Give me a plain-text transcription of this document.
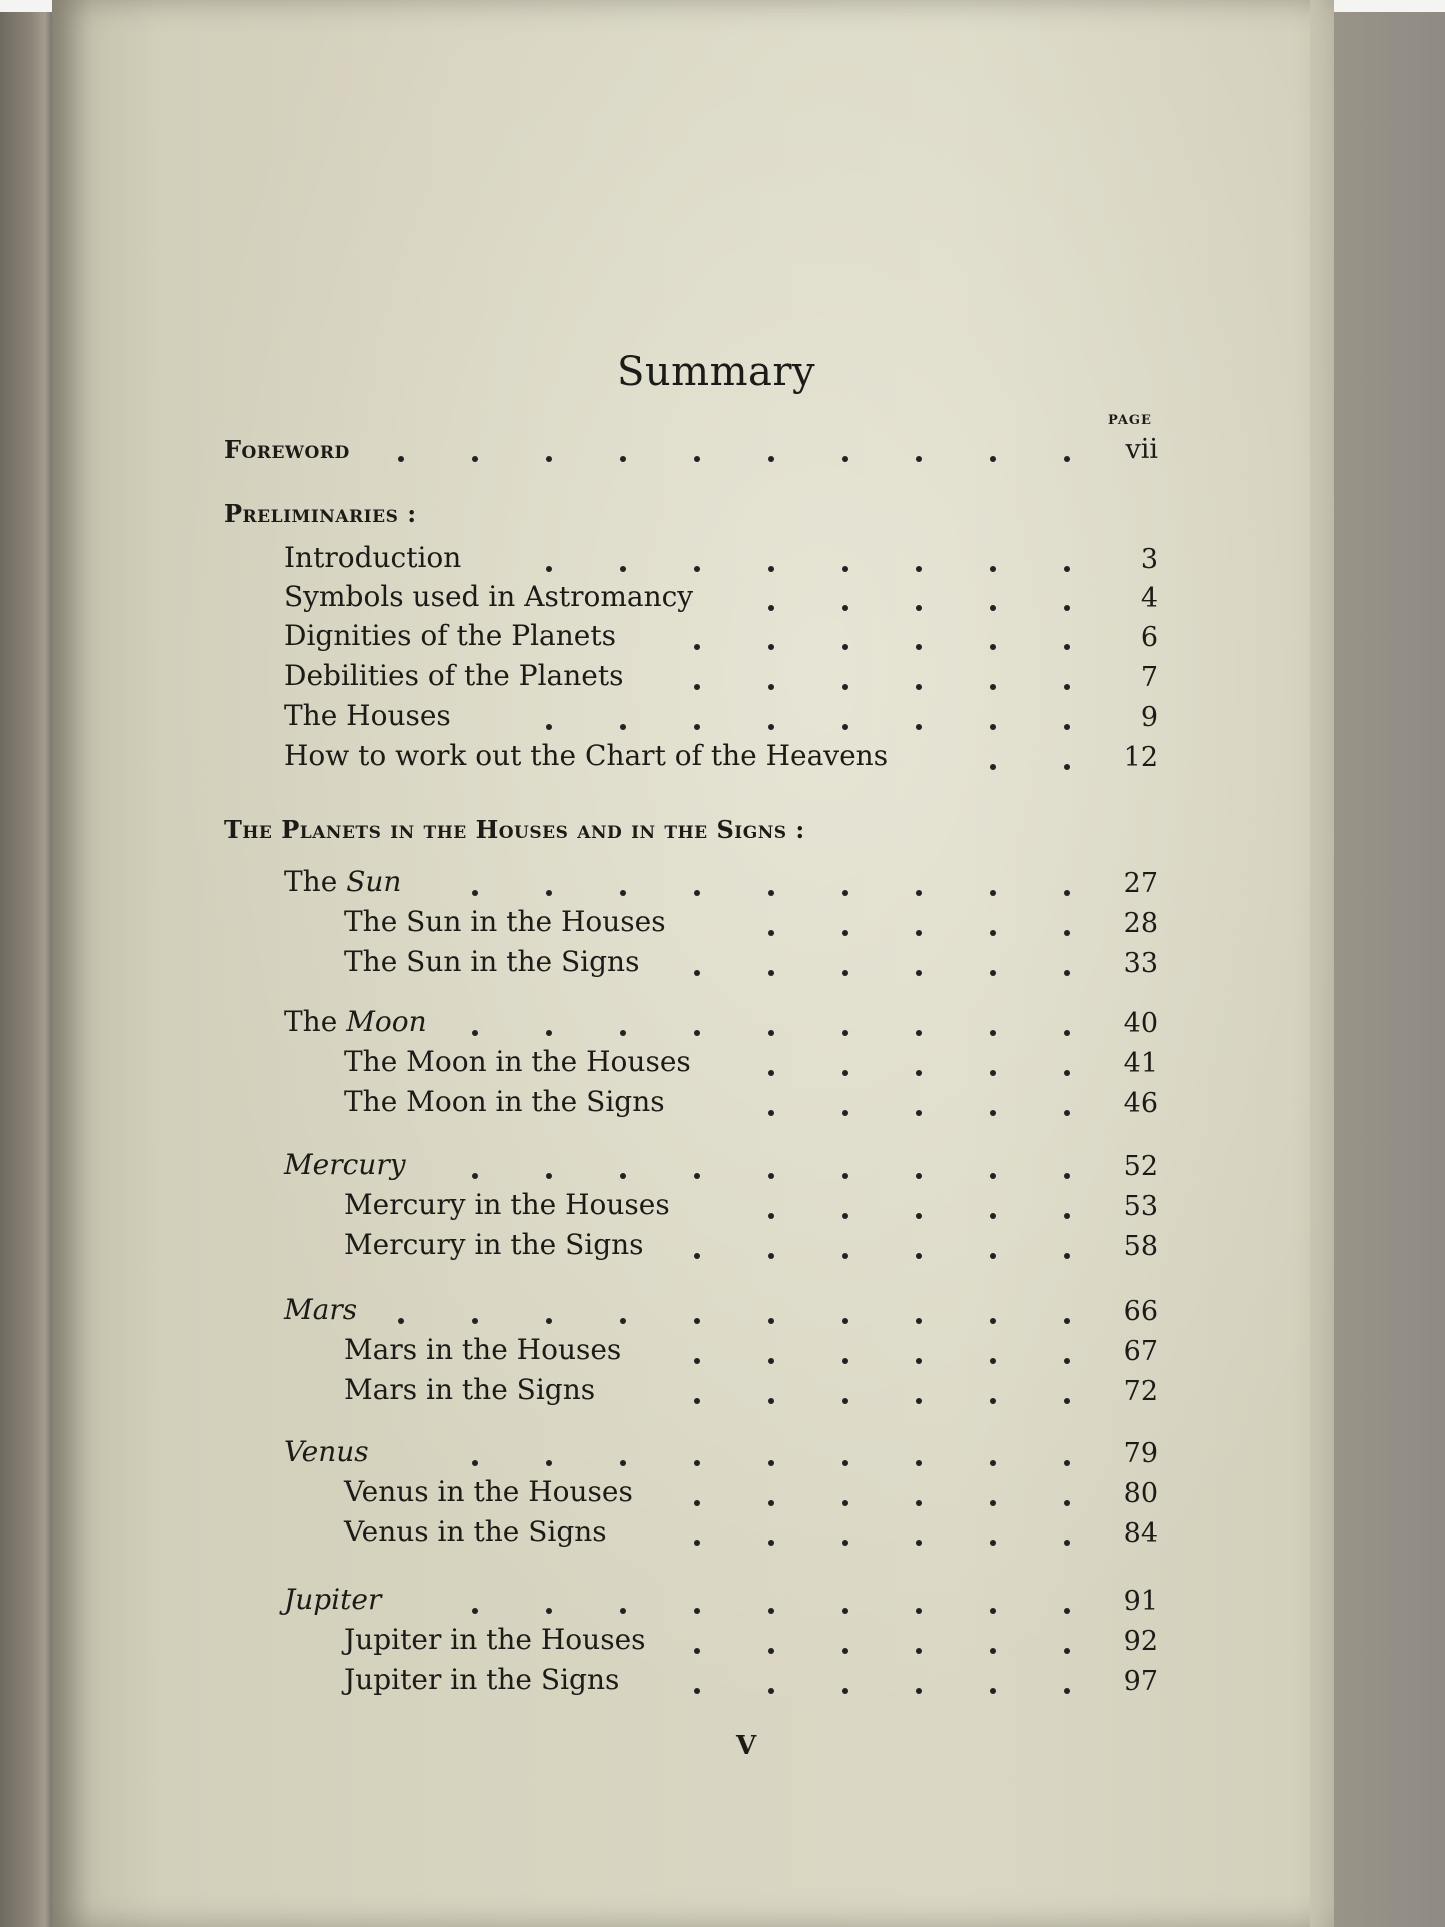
Summary
PAGE
Foreword	vii
Preliminaries :
Introduction	3
Symbols used in Astromancy	4
Dignities of the Planets	6
Debilities of the Planets	7
The Houses	9
How to work out the Chart of the Heavens	12
The Planets in the Houses and in the Signs :
The Sun	27
The Sun in the Houses	28
The Sun in the Signs	33
The Moon	40
The Moon in the Houses	41
The Moon in the Signs	46
Mercury	52
Mercury in the Houses	53
Mercury in the Signs	58
Mars	66
Mars in the Houses	67
Mars in the Signs	72
Venus	79
Venus in the Houses	80
Venus in the Signs	84
Jupiter	91
Jupiter in the Houses	92
Jupiter in the Signs	97
V
